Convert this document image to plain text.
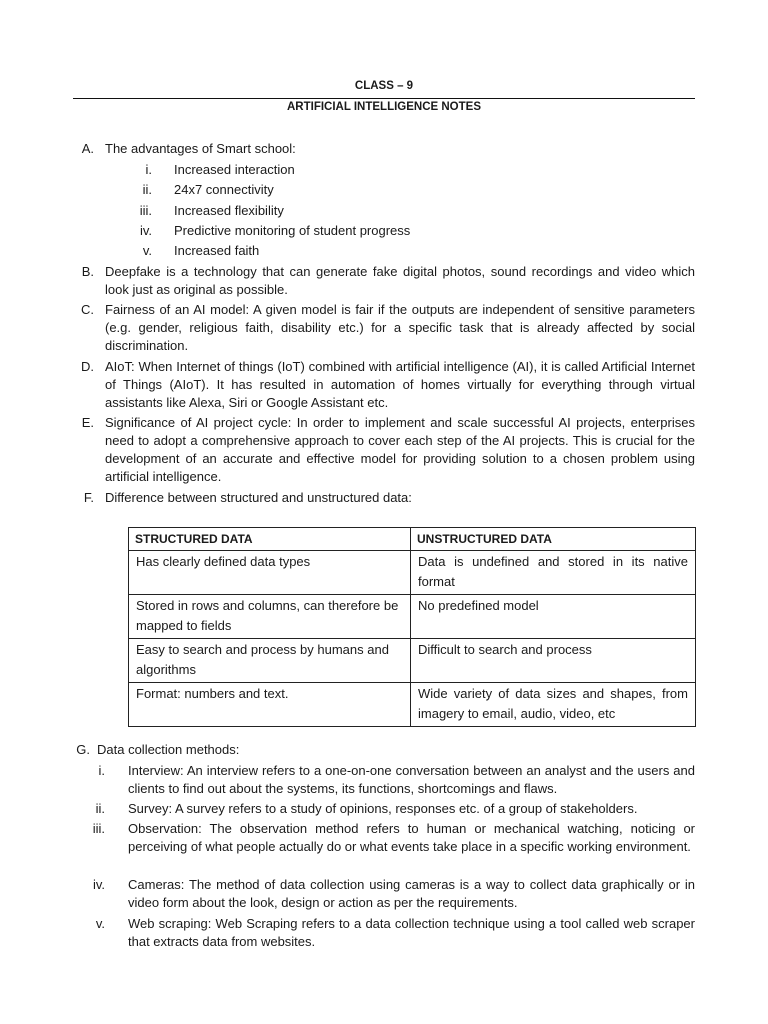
CLASS – 9
ARTIFICIAL INTELLIGENCE NOTES
A. The advantages of Smart school:
i. Increased interaction
ii. 24x7 connectivity
iii. Increased flexibility
iv. Predictive monitoring of student progress
v. Increased faith
B. Deepfake is a technology that can generate fake digital photos, sound recordings and video which look just as original as possible.
C. Fairness of an AI model: A given model is fair if the outputs are independent of sensitive parameters (e.g. gender, religious faith, disability etc.) for a specific task that is already affected by social discrimination.
D. AIoT: When Internet of things (IoT) combined with artificial intelligence (AI), it is called Artificial Internet of Things (AIoT). It has resulted in automation of homes virtually for everything through virtual assistants like Alexa, Siri or Google Assistant etc.
E. Significance of AI project cycle: In order to implement and scale successful AI projects, enterprises need to adopt a comprehensive approach to cover each step of the AI projects. This is crucial for the development of an accurate and effective model for providing solution to a chosen problem using artificial intelligence.
F. Difference between structured and unstructured data:
STRUCTURED DATA	UNSTRUCTURED DATA
Has clearly defined data types	Data is undefined and stored in its native format
Stored in rows and columns, can therefore be mapped to fields	No predefined model
Easy to search and process by humans and algorithms	Difficult to search and process
Format: numbers and text.	Wide variety of data sizes and shapes, from imagery to email, audio, video, etc
G. Data collection methods:
i. Interview: An interview refers to a one-on-one conversation between an analyst and the users and clients to find out about the systems, its functions, shortcomings and flaws.
ii. Survey: A survey refers to a study of opinions, responses etc. of a group of stakeholders.
iii. Observation: The observation method refers to human or mechanical watching, noticing or perceiving of what people actually do or what events take place in a specific working environment.
iv. Cameras: The method of data collection using cameras is a way to collect data graphically or in video form about the look, design or action as per the requirements.
v. Web scraping: Web Scraping refers to a data collection technique using a tool called web scraper that extracts data from websites.
